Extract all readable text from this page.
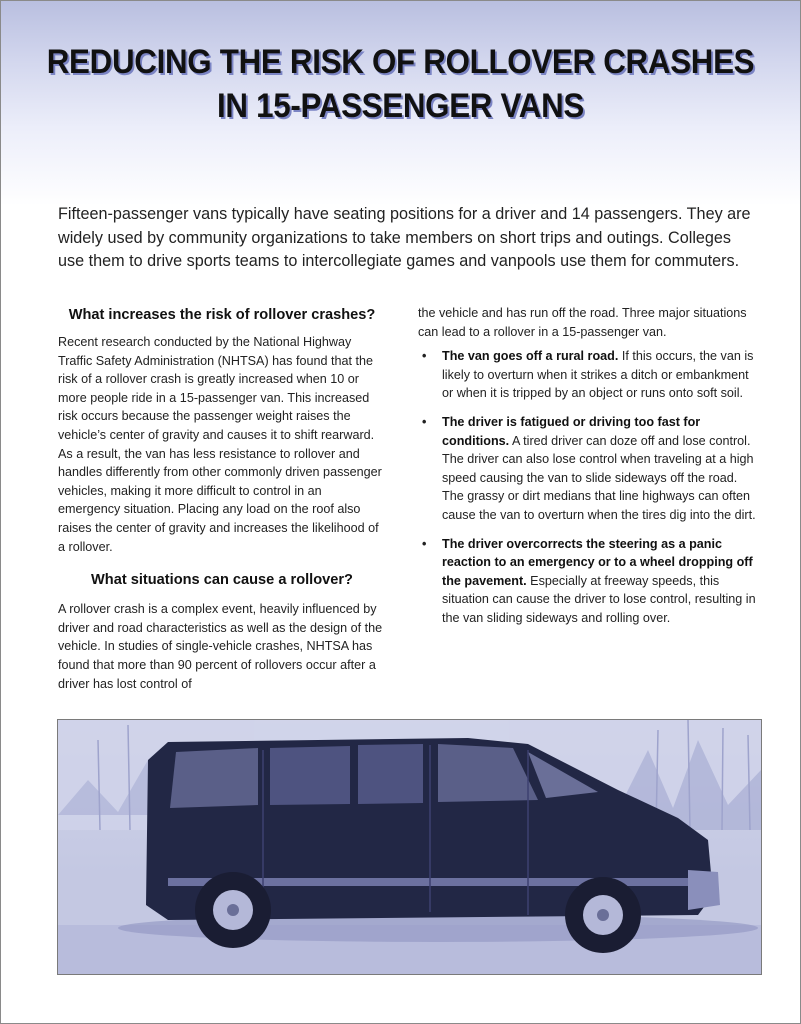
REDUCING THE RISK OF ROLLOVER CRASHES
IN 15-PASSENGER VANS

Fifteen-passenger vans typically have seating positions for a driver and 14 passengers. They are widely used by community organizations to take members on short trips and outings. Colleges use them to drive sports teams to intercollegiate games and vanpools use them for commuters.

What increases the risk of rollover crashes?

Recent research conducted by the National Highway Traffic Safety Administration (NHTSA) has found that the risk of a rollover crash is greatly increased when 10 or more people ride in a 15-passenger van. This increased risk occurs because the passenger weight raises the vehicle’s center of gravity and causes it to shift rearward. As a result, the van has less resistance to rollover and handles differently from other commonly driven passenger vehicles, making it more difficult to control in an emergency situation. Placing any load on the roof also raises the center of gravity and increases the likelihood of a rollover.

What situations can cause a rollover?

A rollover crash is a complex event, heavily influenced by driver and road characteristics as well as the design of the vehicle. In studies of single-vehicle crashes, NHTSA has found that more than 90 percent of rollovers occur after a driver has lost control of

the vehicle and has run off the road. Three major situations can lead to a rollover in a 15-passenger van.

• The van goes off a rural road. If this occurs, the van is likely to overturn when it strikes a ditch or embankment or when it is tripped by an object or runs onto soft soil.
• The driver is fatigued or driving too fast for conditions. A tired driver can doze off and lose control. The driver can also lose control when traveling at a high speed causing the van to slide sideways off the road. The grassy or dirt medians that line highways can often cause the van to overturn when the tires dig into the dirt.
• The driver overcorrects the steering as a panic reaction to an emergency or to a wheel dropping off the pavement. Especially at freeway speeds, this situation can cause the driver to lose control, resulting in the van sliding sideways and rolling over.
